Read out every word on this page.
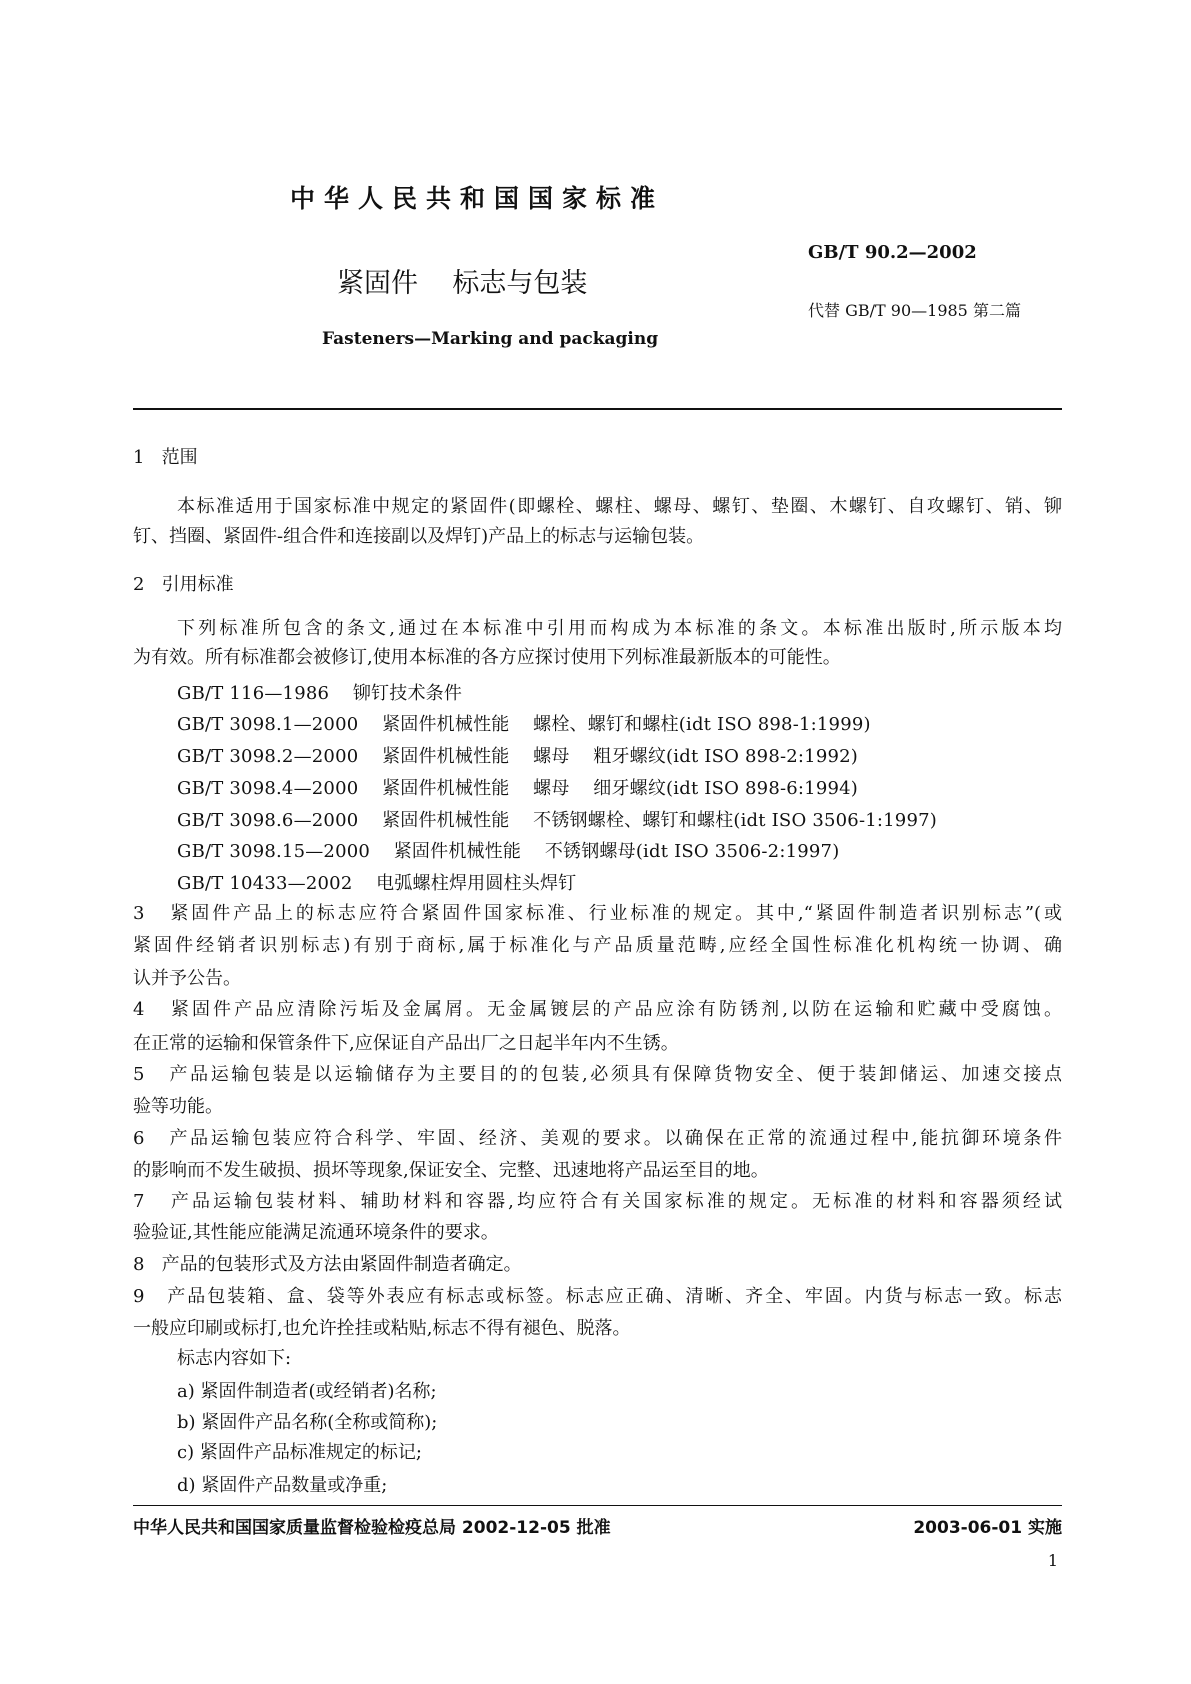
中华人民共和国国家标准
GB/T 90.2—2002
紧固件    标志与包装
代替 GB/T 90—1985 第二篇
Fasteners—Marking and packaging
1   范围
本标准适用于国家标准中规定的紧固件(即螺栓、螺柱、螺母、螺钉、垫圈、木螺钉、自攻螺钉、销、铆
钉、挡圈、紧固件-组合件和连接副以及焊钉)产品上的标志与运输包装。
2   引用标准
下列标准所包含的条文,通过在本标准中引用而构成为本标准的条文。本标准出版时,所示版本均
为有效。所有标准都会被修订,使用本标准的各方应探讨使用下列标准最新版本的可能性。
GB/T 116—1986    铆钉技术条件
GB/T 3098.1—2000    紧固件机械性能    螺栓、螺钉和螺柱(idt ISO 898-1:1999)
GB/T 3098.2—2000    紧固件机械性能    螺母    粗牙螺纹(idt ISO 898-2:1992)
GB/T 3098.4—2000    紧固件机械性能    螺母    细牙螺纹(idt ISO 898-6:1994)
GB/T 3098.6—2000    紧固件机械性能    不锈钢螺栓、螺钉和螺柱(idt ISO 3506-1:1997)
GB/T 3098.15—2000    紧固件机械性能    不锈钢螺母(idt ISO 3506-2:1997)
GB/T 10433—2002    电弧螺柱焊用圆柱头焊钉
3   紧固件产品上的标志应符合紧固件国家标准、行业标准的规定。其中,“紧固件制造者识别标志”(或
紧固件经销者识别标志)有别于商标,属于标准化与产品质量范畴,应经全国性标准化机构统一协调、确
认并予公告。
4   紧固件产品应清除污垢及金属屑。无金属镀层的产品应涂有防锈剂,以防在运输和贮藏中受腐蚀。
在正常的运输和保管条件下,应保证自产品出厂之日起半年内不生锈。
5   产品运输包装是以运输储存为主要目的的包装,必须具有保障货物安全、便于装卸储运、加速交接点
验等功能。
6   产品运输包装应符合科学、牢固、经济、美观的要求。以确保在正常的流通过程中,能抗御环境条件
的影响而不发生破损、损坏等现象,保证安全、完整、迅速地将产品运至目的地。
7   产品运输包装材料、辅助材料和容器,均应符合有关国家标准的规定。无标准的材料和容器须经试
验验证,其性能应能满足流通环境条件的要求。
8   产品的包装形式及方法由紧固件制造者确定。
9   产品包装箱、盒、袋等外表应有标志或标签。标志应正确、清晰、齐全、牢固。内货与标志一致。标志
一般应印刷或标打,也允许拴挂或粘贴,标志不得有褪色、脱落。
标志内容如下:
a) 紧固件制造者(或经销者)名称;
b) 紧固件产品名称(全称或简称);
c) 紧固件产品标准规定的标记;
d) 紧固件产品数量或净重;
中华人民共和国国家质量监督检验检疫总局 2002-12-05 批准	2003-06-01 实施
1
